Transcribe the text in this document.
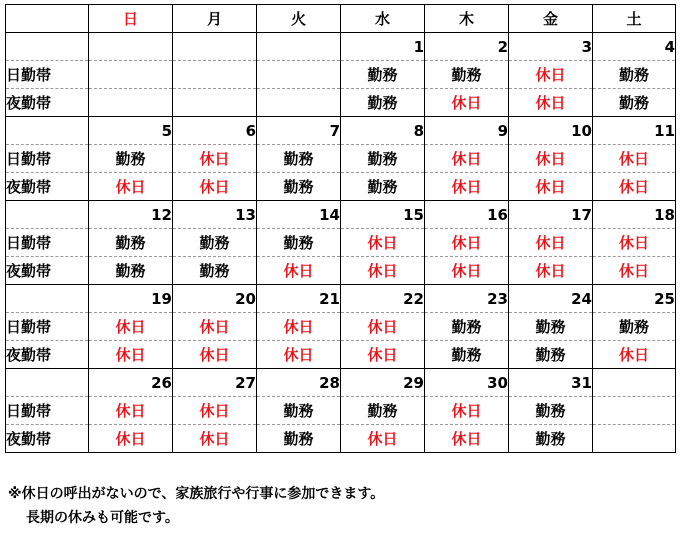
	日	月	火	水	木	金	土
				1	2	3	4
日勤帯				勤務	勤務	休日	勤務
夜勤帯				勤務	休日	休日	勤務
	5	6	7	8	9	10	11
日勤帯	勤務	休日	勤務	勤務	休日	休日	休日
夜勤帯	休日	休日	勤務	勤務	休日	休日	休日
	12	13	14	15	16	17	18
日勤帯	勤務	勤務	勤務	休日	休日	休日	休日
夜勤帯	勤務	勤務	休日	休日	休日	休日	休日
	19	20	21	22	23	24	25
日勤帯	休日	休日	休日	休日	勤務	勤務	勤務
夜勤帯	休日	休日	休日	休日	勤務	勤務	休日
	26	27	28	29	30	31	
日勤帯	休日	休日	勤務	勤務	休日	勤務	
夜勤帯	休日	休日	勤務	休日	休日	勤務	
※休日の呼出がないので、家族旅行や行事に参加できます。
長期の休みも可能です。
